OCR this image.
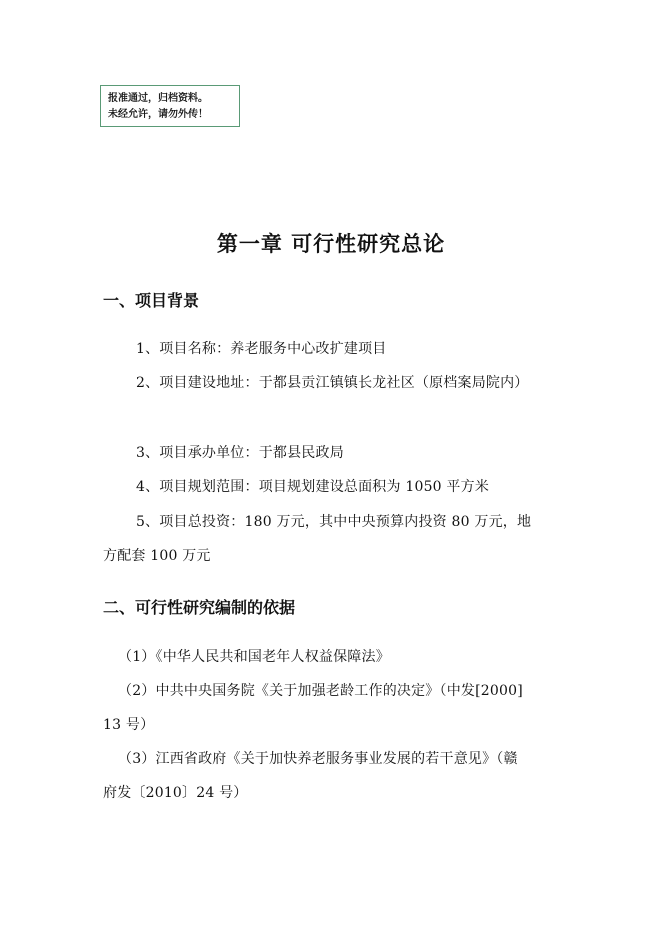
报准通过，归档资料。
未经允许，请勿外传！
第一章 可行性研究总论
一、项目背景
1、项目名称：养老服务中心改扩建项目
2、项目建设地址：于都县贡江镇镇长龙社区（原档案局院内）
3、项目承办单位：于都县民政局
4、项目规划范围：项目规划建设总面积为 1050 平方米
5、项目总投资：180 万元，其中中央预算内投资 80 万元，地
方配套 100 万元
二、可行性研究编制的依据
（1）《中华人民共和国老年人权益保障法》
（2）中共中央国务院《关于加强老龄工作的决定》（中发[2000]
13 号）
（3）江西省政府《关于加快养老服务事业发展的若干意见》（赣
府发〔2010〕24 号）
